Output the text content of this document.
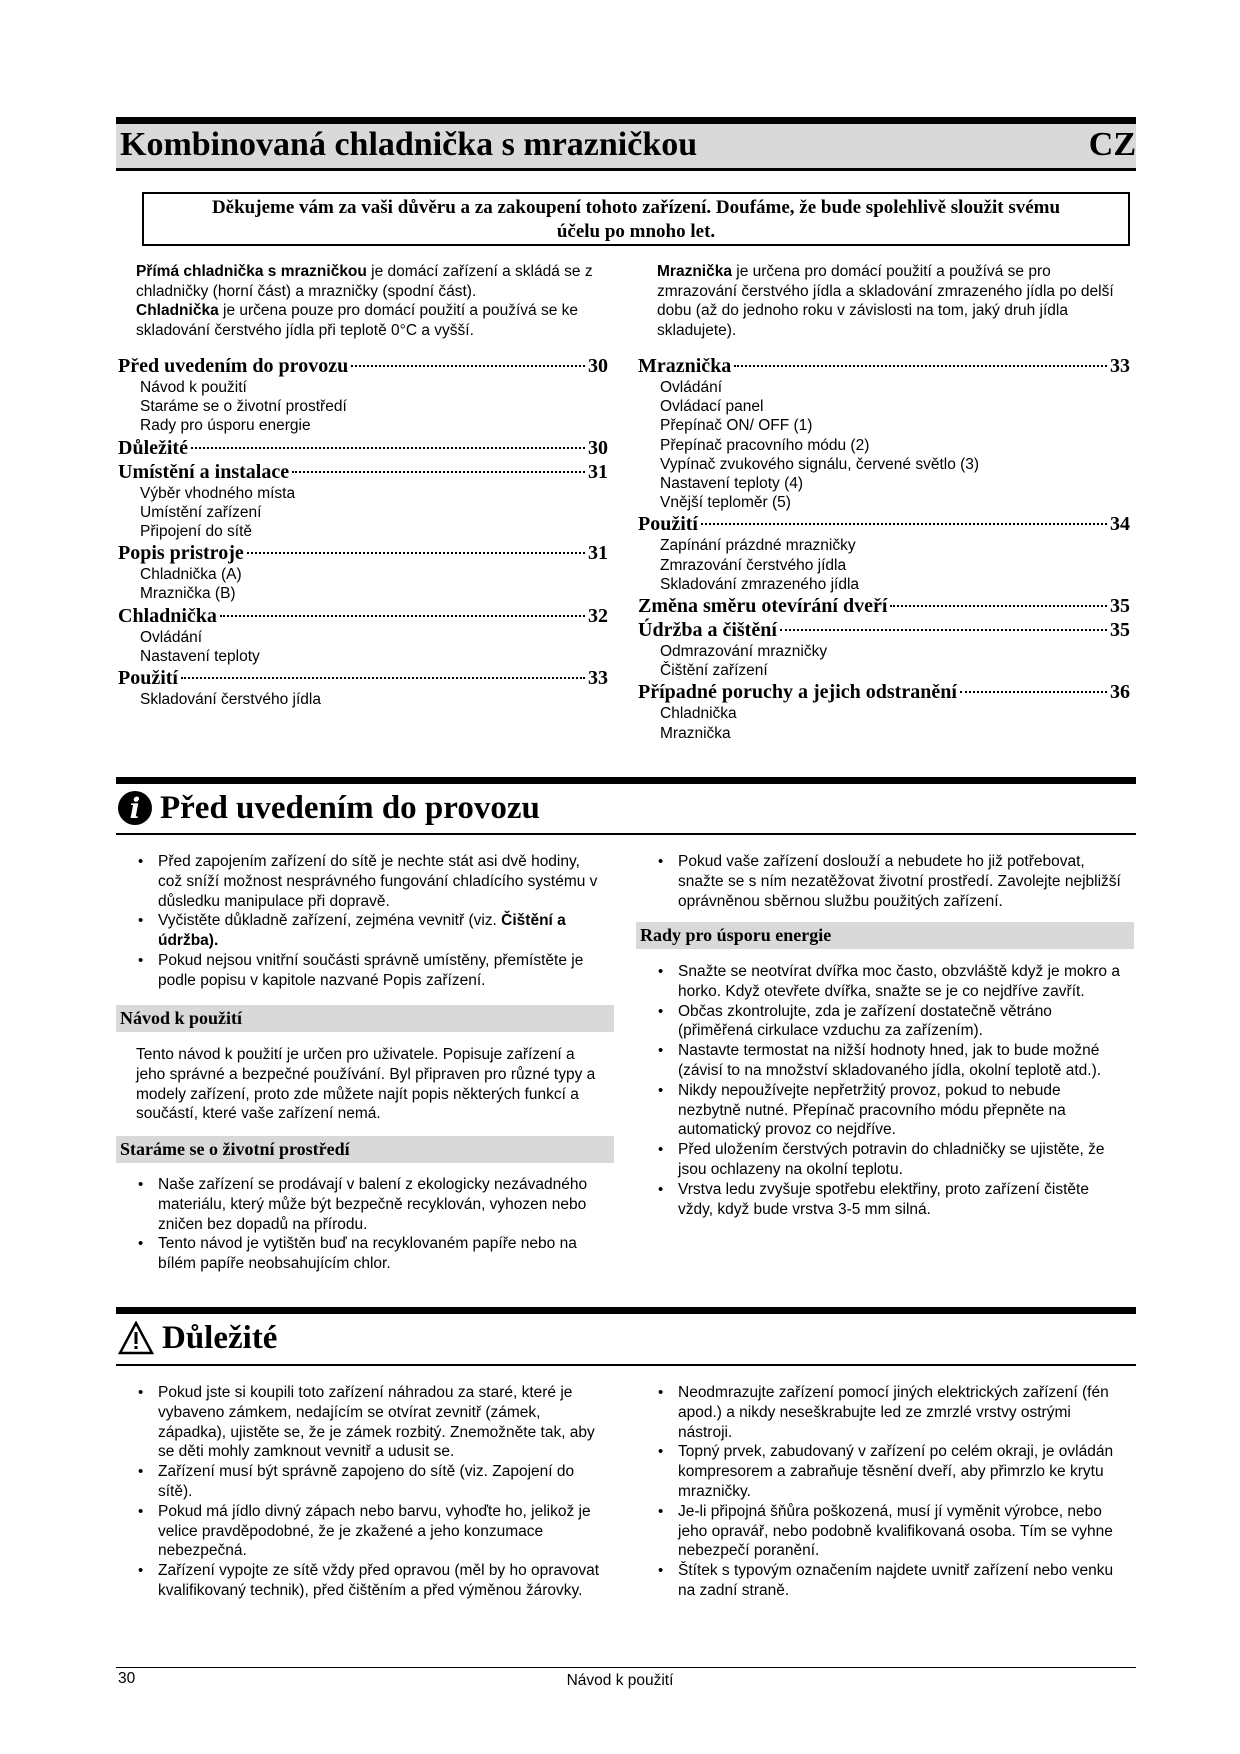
Kombinovaná chladnička s mrazničkou	CZ
Děkujeme vám za vaši důvěru a za zakoupení tohoto zařízení. Doufáme, že bude spolehlivě sloužit svému
účelu po mnoho let.
Přímá chladnička s mrazničkou je domácí zařízení a skládá se z chladničky (horní část) a mrazničky (spodní část).
Chladnička je určena pouze pro domácí použití a používá se ke skladování čerstvého jídla při teplotě 0°C a vyšší.
Mraznička je určena pro domácí použití a používá se pro zmrazování čerstvého jídla a skladování zmrazeného jídla po delší dobu (až do jednoho roku v závislosti na tom, jaký druh jídla skladujete).
Před uvedením do provozu	30
Návod k použití
Staráme se o životní prostředí
Rady pro úsporu energie
Důležité	30
Umístění a instalace	31
Výběr vhodného místa
Umístění zařízení
Připojení do sítě
Popis pristroje	31
Chladnička (A)
Mraznička (B)
Chladnička	32
Ovládání
Nastavení teploty
Použití	33
Skladování čerstvého jídla
Mraznička	33
Ovládání
Ovládací panel
Přepínač ON/ OFF (1)
Přepínač pracovního módu (2)
Vypínač zvukového signálu, červené světlo (3)
Nastavení teploty (4)
Vnější teploměr (5)
Použití	34
Zapínání prázdné mrazničky
Zmrazování čerstvého jídla
Skladování zmrazeného jídla
Změna směru otevírání dveří	35
Údržba a čištění	35
Odmrazování mrazničky
Čištění zařízení
Případné poruchy a jejich odstranění	36
Chladnička
Mraznička
i Před uvedením do provozu
• Před zapojením zařízení do sítě je nechte stát asi dvě hodiny, což sníží možnost nesprávného fungování chladícího systému v důsledku manipulace při dopravě.
• Vyčistěte důkladně zařízení, zejména vevnitř (viz. Čištění a údržba).
• Pokud nejsou vnitřní součásti správně umístěny, přemístěte je podle popisu v kapitole nazvané Popis zařízení.
Návod k použití
Tento návod k použití je určen pro uživatele. Popisuje zařízení a jeho správné a bezpečné používání. Byl připraven pro různé typy a modely zařízení, proto zde můžete najít popis některých funkcí a součástí, které vaše zařízení nemá.
Staráme se o životní prostředí
• Naše zařízení se prodávají v balení z ekologicky nezávadného materiálu, který může být bezpečně recyklován, vyhozen nebo zničen bez dopadů na přírodu.
• Tento návod je vytištěn buď na recyklovaném papíře nebo na bílém papíře neobsahujícím chlor.
• Pokud vaše zařízení doslouží a nebudete ho již potřebovat, snažte se s ním nezatěžovat životní prostředí. Zavolejte nejbližší oprávněnou sběrnou službu použitých zařízení.
Rady pro úsporu energie
• Snažte se neotvírat dvířka moc často, obzvláště když je mokro a horko. Když otevřete dvířka, snažte se je co nejdříve zavřít.
• Občas zkontrolujte, zda je zařízení dostatečně větráno (přiměřená cirkulace vzduchu za zařízením).
• Nastavte termostat na nižší hodnoty hned, jak to bude možné (závisí to na množství skladovaného jídla, okolní teplotě atd.).
• Nikdy nepoužívejte nepřetržitý provoz, pokud to nebude nezbytně nutné. Přepínač pracovního módu přepněte na automatický provoz co nejdříve.
• Před uložením čerstvých potravin do chladničky se ujistěte, že jsou ochlazeny na okolní teplotu.
• Vrstva ledu zvyšuje spotřebu elektřiny, proto zařízení čistěte vždy, když bude vrstva 3-5 mm silná.
Důležité
• Pokud jste si koupili toto zařízení náhradou za staré, které je vybaveno zámkem, nedajícím se otvírat zevnitř (zámek, západka), ujistěte se, že je zámek rozbitý. Znemožněte tak, aby se děti mohly zamknout vevnitř a udusit se.
• Zařízení musí být správně zapojeno do sítě (viz. Zapojení do sítě).
• Pokud má jídlo divný zápach nebo barvu, vyhoďte ho, jelikož je velice pravděpodobné, že je zkažené a jeho konzumace nebezpečná.
• Zařízení vypojte ze sítě vždy před opravou (měl by ho opravovat kvalifikovaný technik), před čištěním a před výměnou žárovky.
• Neodmrazujte zařízení pomocí jiných elektrických zařízení (fén apod.) a nikdy neseškrabujte led ze zmrzlé vrstvy ostrými nástroji.
• Topný prvek, zabudovaný v zařízení po celém okraji, je ovládán kompresorem a zabraňuje těsnění dveří, aby přimrzlo ke krytu mrazničky.
• Je-li připojná šňůra poškozená, musí jí vyměnit výrobce, nebo jeho opravář, nebo podobně kvalifikovaná osoba. Tím se vyhne nebezpečí poranění.
• Štítek s typovým označením najdete uvnitř zařízení nebo venku na zadní straně.
30	Návod k použití
